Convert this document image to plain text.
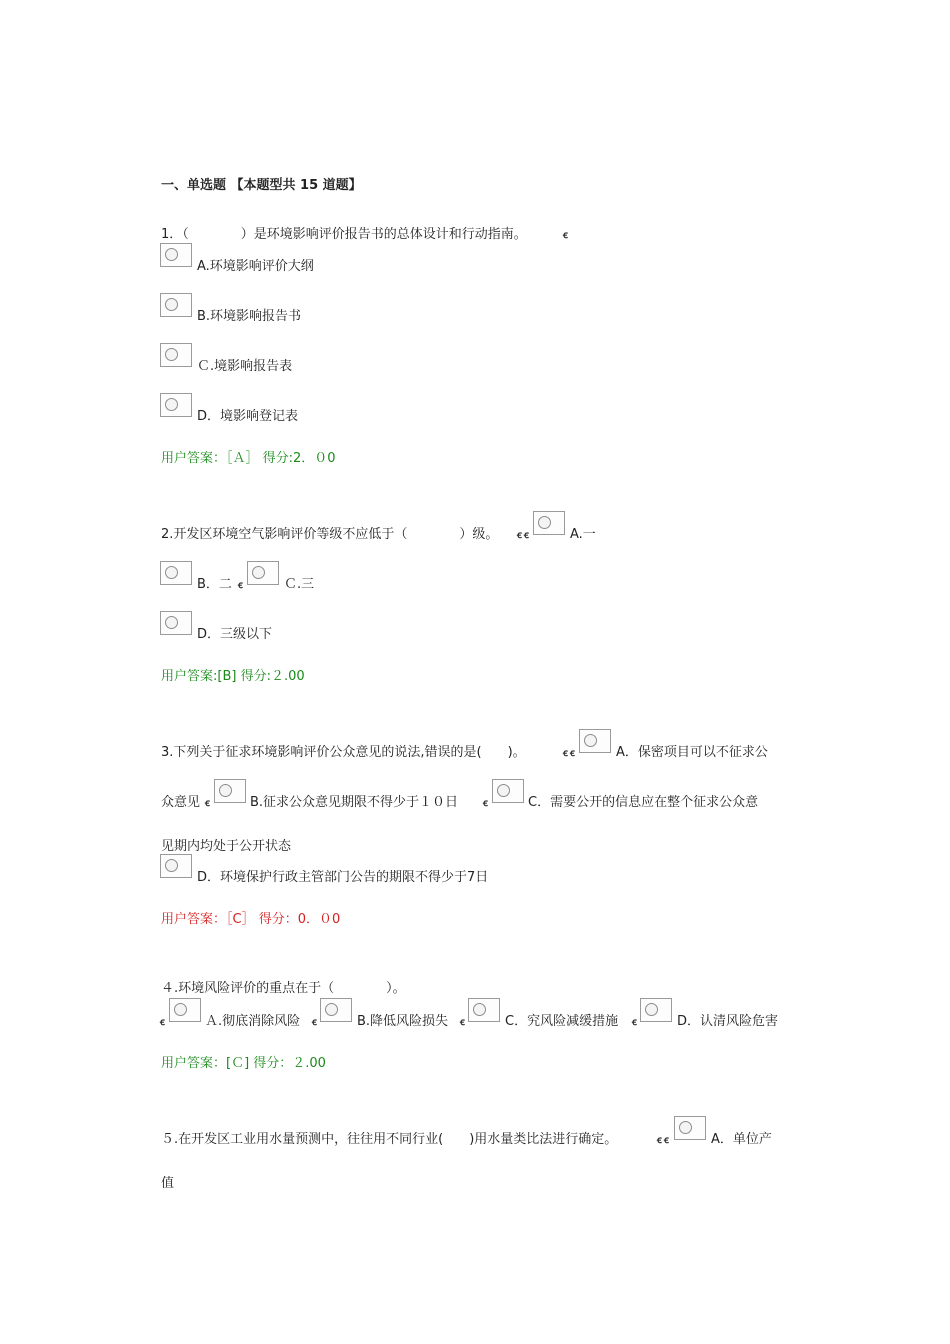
一、单选题 【本题型共 15 道题】
1．（　　　　）是环境影响评价报告书的总体设计和行动指南。	ꞓ
A.环境影响评价大纲
B.环境影响报告书
Ｃ.境影响报告表
D．境影响登记表
用户答案：［Ａ］ 得分:2．０0
2.开发区环境空气影响评价等级不应低于（　　　　）级。 ꞓ ꞓ	A.一
B．二 ꞓ	Ｃ.三
D．三级以下
用户答案:[B] 得分:２.00
3.下列关于征求环境影响评价公众意见的说法,错误的是(　　)。	ꞓ ꞓ	A．保密项目可以不征求公
众意见 ꞓ	B.征求公众意见期限不得少于１０日 ꞓ	C．需要公开的信息应在整个征求公众意
见期内均处于公开状态
D．环境保护行政主管部门公告的期限不得少于7日
用户答案：［C］ 得分：0．０0
４.环境风险评价的重点在于（　　　　）。
ꞓ	Ａ.彻底消除风险 ꞓ	B.降低风险损失 ꞓ	C．究风险减缓措施 ꞓ	D．认清风险危害
用户答案：[Ｃ] 得分：２.00
５.在开发区工业用水量预测中，往往用不同行业(　　)用水量类比法进行确定。	ꞓ ꞓ	A．单位产
值
